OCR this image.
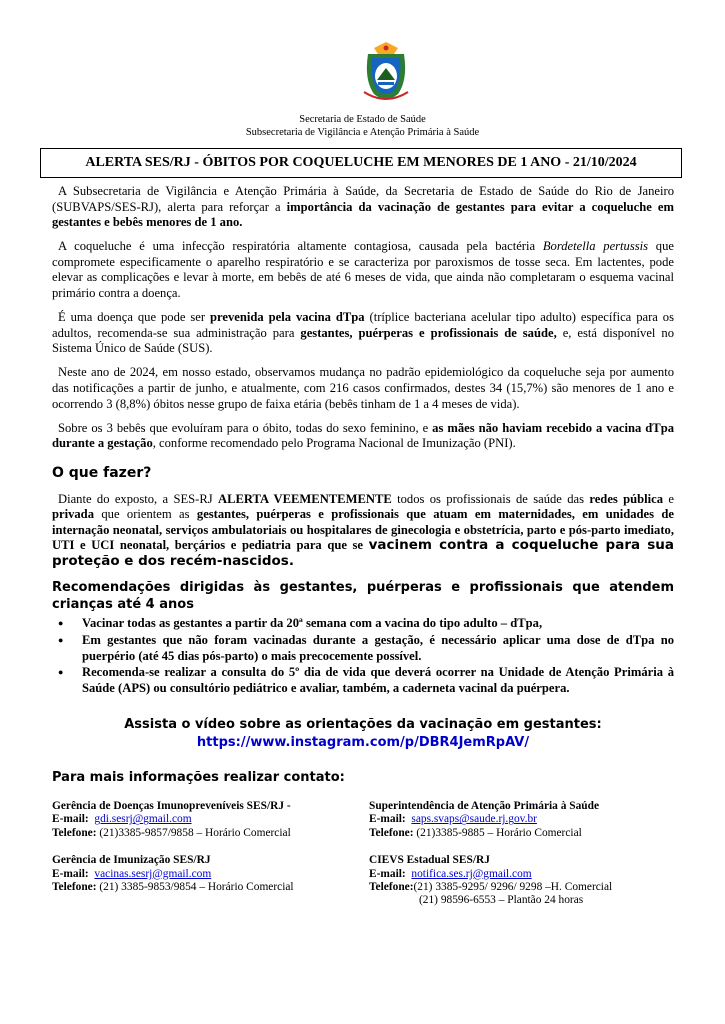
Secretaria de Estado de Saúde
Subsecretaria de Vigilância e Atenção Primária à Saúde
ALERTA SES/RJ - ÓBITOS POR COQUELUCHE EM MENORES DE 1 ANO - 21/10/2024

A Subsecretaria de Vigilância e Atenção Primária à Saúde, da Secretaria de Estado de Saúde do Rio de Janeiro (SUBVAPS/SES-RJ), alerta para reforçar a importância da vacinação de gestantes para evitar a coqueluche em gestantes e bebês menores de 1 ano.

A coqueluche é uma infecção respiratória altamente contagiosa, causada pela bactéria Bordetella pertussis que compromete especificamente o aparelho respiratório e se caracteriza por paroxismos de tosse seca. Em lactentes, pode elevar as complicações e levar à morte, em bebês de até 6 meses de vida, que ainda não completaram o esquema vacinal primário contra a doença.

É uma doença que pode ser prevenida pela vacina dTpa (tríplice bacteriana acelular tipo adulto) específica para os adultos, recomenda-se sua administração para gestantes, puérperas e profissionais de saúde, e, está disponível no Sistema Único de Saúde (SUS).

Neste ano de 2024, em nosso estado, observamos mudança no padrão epidemiológico da coqueluche seja por aumento das notificações a partir de junho, e atualmente, com 216 casos confirmados, destes 34 (15,7%) são menores de 1 ano e ocorrendo 3 (8,8%) óbitos nesse grupo de faixa etária (bebês tinham de 1 a 4 meses de vida).

Sobre os 3 bebês que evoluíram para o óbito, todas do sexo feminino, e as mães não haviam recebido a vacina dTpa durante a gestação, conforme recomendado pelo Programa Nacional de Imunização (PNI).

O que fazer?

Diante do exposto, a SES-RJ ALERTA VEEMENTEMENTE todos os profissionais de saúde das redes pública e privada que orientem as gestantes, puérperas e profissionais que atuam em maternidades, em unidades de internação neonatal, serviços ambulatoriais ou hospitalares de ginecologia e obstetrícia, parto e pós-parto imediato, UTI e UCI neonatal, berçários e pediatria para que se vacinem contra a coqueluche para sua proteção e dos recém-nascidos.

Recomendações dirigidas às gestantes, puérperas e profissionais que atendem crianças até 4 anos
● Vacinar todas as gestantes a partir da 20ª semana com a vacina do tipo adulto – dTpa,
● Em gestantes que não foram vacinadas durante a gestação, é necessário aplicar uma dose de dTpa no puerpério (até 45 dias pós-parto) o mais precocemente possível.
● Recomenda-se realizar a consulta do 5º dia de vida que deverá ocorrer na Unidade de Atenção Primária à Saúde (APS) ou consultório pediátrico e avaliar, também, a caderneta vacinal da puérpera.
Assista o vídeo sobre as orientações da vacinação em gestantes:
https://www.instagram.com/p/DBR4JemRpAV/
Para mais informações realizar contato:
Gerência de Doenças Imunopreveníveis SES/RJ -
E-mail: gdi.sesrj@gmail.com
Telefone: (21)3385-9857/9858 – Horário Comercial
Gerência de Imunização SES/RJ
E-mail: vacinas.sesrj@gmail.com
Telefone: (21) 3385-9853/9854 – Horário Comercial
Superintendência de Atenção Primária à Saúde
E-mail: saps.svaps@saude.rj.gov.br
Telefone: (21)3385-9885 – Horário Comercial
CIEVS Estadual SES/RJ
E-mail: notifica.ses.rj@gmail.com
Telefone:(21) 3385-9295/ 9296/ 9298 –H. Comercial
(21) 98596-6553 – Plantão 24 horas
